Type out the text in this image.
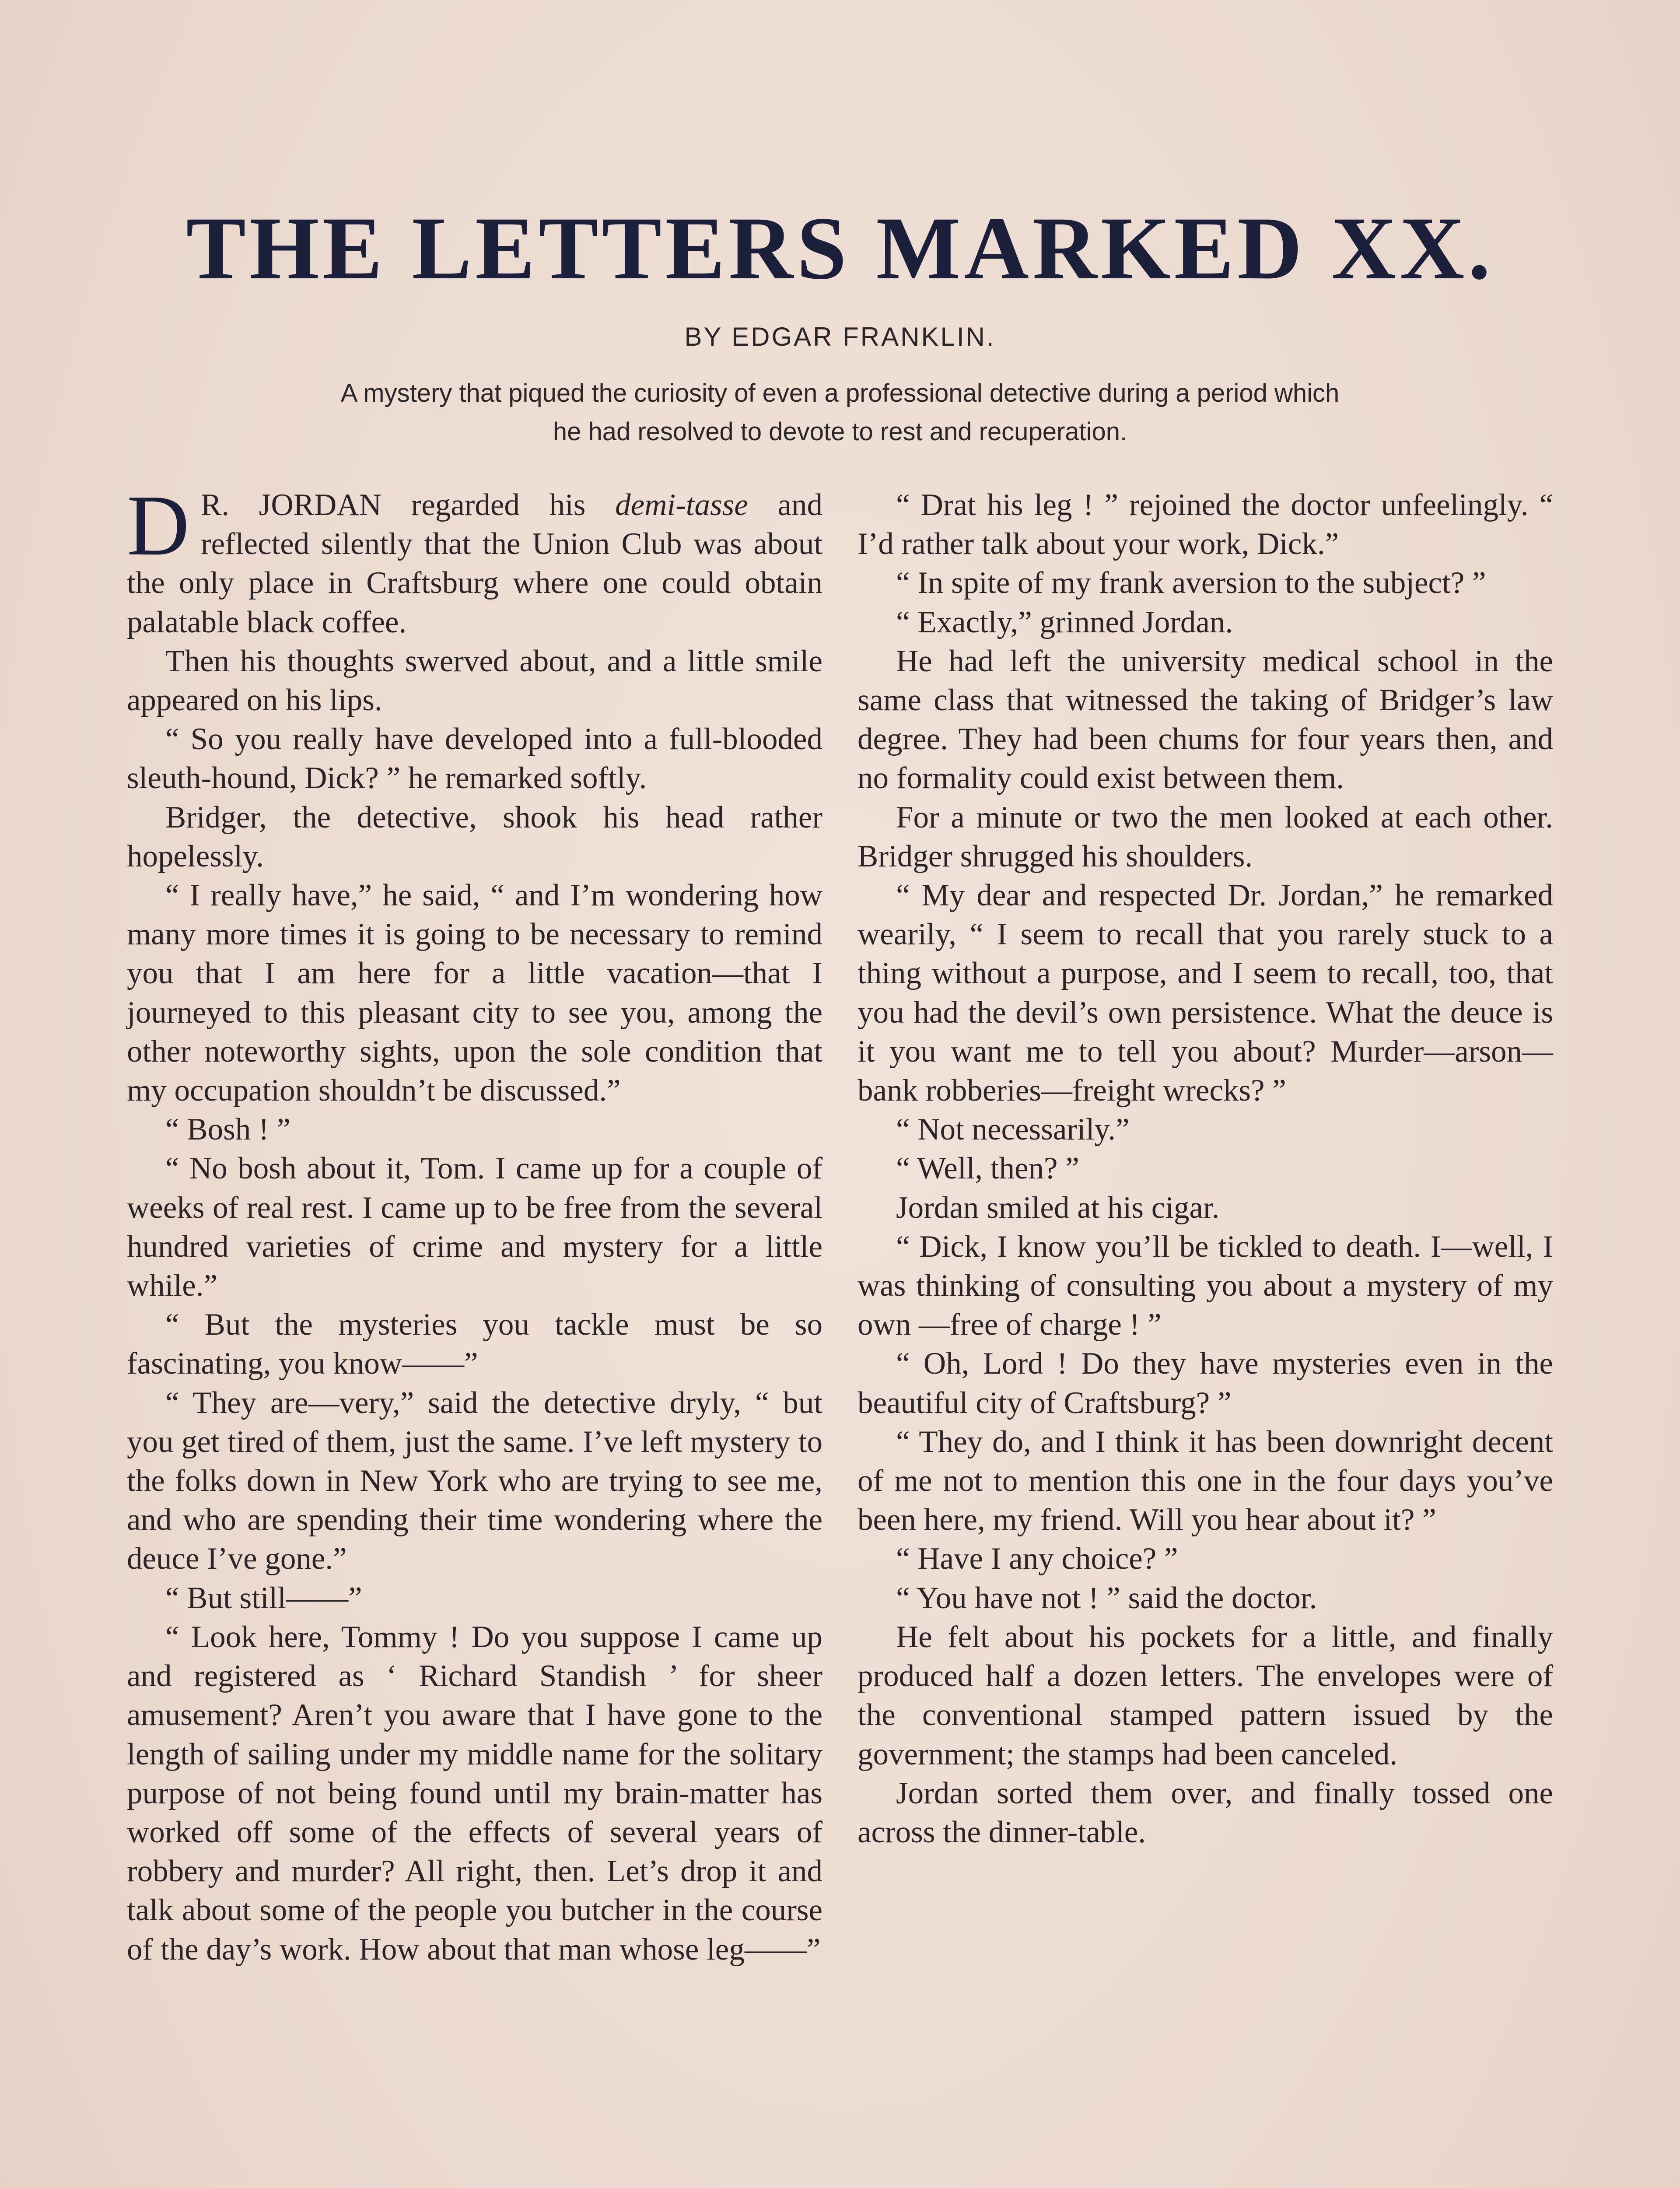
THE LETTERS MARKED XX.
BY EDGAR FRANKLIN.
A mystery that piqued the curiosity of even a professional detective during a period which
he had resolved to devote to rest and recuperation.

D R. JORDAN regarded his demi-tasse and reflected silently that the Union Club was about the only place in Craftsburg where one could obtain palatable black coffee.

Then his thoughts swerved about, and a little smile appeared on his lips.

“ So you really have developed into a full-blooded sleuth-hound, Dick? ” he remarked softly.

Bridger, the detective, shook his head rather hopelessly.

“ I really have,” he said, “ and I’m wondering how many more times it is going to be necessary to remind you that I am here for a little vacation—that I journeyed to this pleasant city to see you, among the other noteworthy sights, upon the sole condition that my occupation shouldn’t be discussed.”

“ Bosh ! ”

“ No bosh about it, Tom. I came up for a couple of weeks of real rest. I came up to be free from the several hundred varieties of crime and mystery for a little while.”

“ But the mysteries you tackle must be so fascinating, you know——”

“ They are—very,” said the detective dryly, “ but you get tired of them, just the same. I’ve left mystery to the folks down in New York who are trying to see me, and who are spending their time wondering where the deuce I’ve gone.”

“ But still——”

“ Look here, Tommy ! Do you suppose I came up and registered as ‘ Richard Standish ’ for sheer amusement? Aren’t you aware that I have gone to the length of sailing under my middle name for the solitary purpose of not being found until my brain-matter has worked off some of the effects of several years of robbery and murder? All right, then. Let’s drop it and talk about some of the people you butcher in the course of the day’s work. How about that man whose leg——”

“ Drat his leg ! ” rejoined the doctor unfeelingly. “ I’d rather talk about your work, Dick.”

“ In spite of my frank aversion to the subject? ”

“ Exactly,” grinned Jordan.

He had left the university medical school in the same class that witnessed the taking of Bridger’s law degree. They had been chums for four years then, and no formality could exist between them.

For a minute or two the men looked at each other. Bridger shrugged his shoulders.

“ My dear and respected Dr. Jordan,” he remarked wearily, “ I seem to recall that you rarely stuck to a thing without a purpose, and I seem to recall, too, that you had the devil’s own persistence. What the deuce is it you want me to tell you about? Murder—arson—bank robberies—freight wrecks? ”

“ Not necessarily.”

“ Well, then? ”

Jordan smiled at his cigar.

“ Dick, I know you’ll be tickled to death. I—well, I was thinking of consulting you about a mystery of my own —free of charge ! ”

“ Oh, Lord ! Do they have mysteries even in the beautiful city of Craftsburg? ”

“ They do, and I think it has been downright decent of me not to mention this one in the four days you’ve been here, my friend. Will you hear about it? ”

“ Have I any choice? ”

“ You have not ! ” said the doctor.

He felt about his pockets for a little, and finally produced half a dozen letters. The envelopes were of the conventional stamped pattern issued by the government; the stamps had been canceled.

Jordan sorted them over, and finally tossed one across the dinner-table.
